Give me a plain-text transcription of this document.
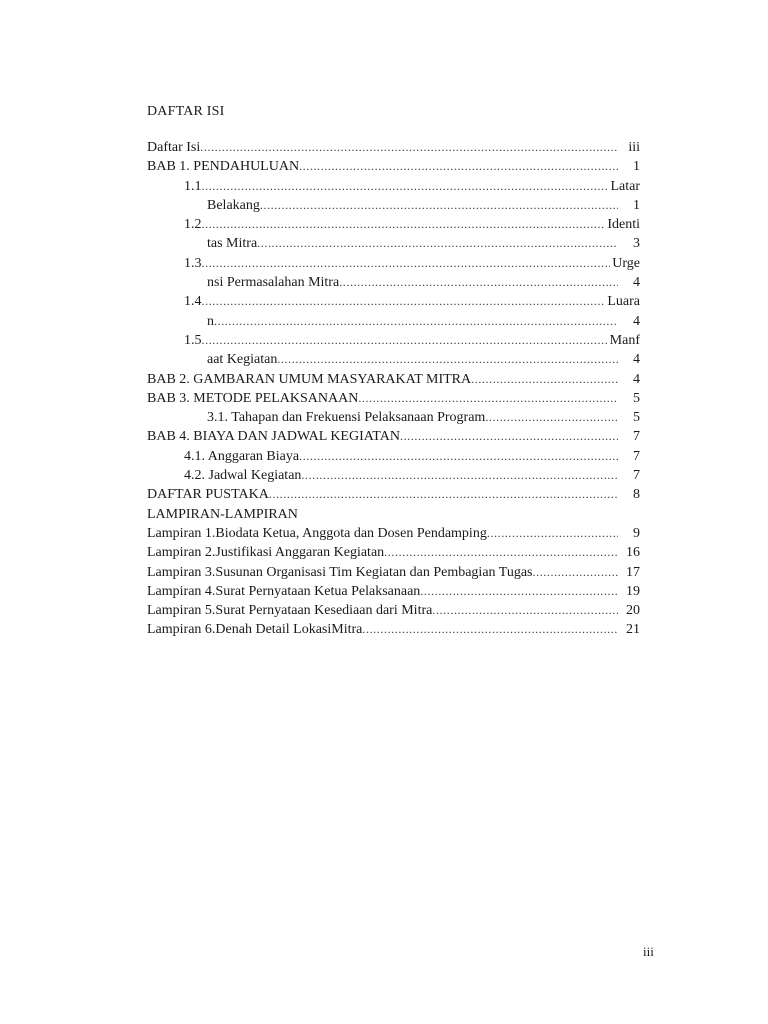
DAFTAR ISI
Daftar Isi .....	iii
BAB 1. PENDAHULUAN .....	1
1.1 .....	Latar
Belakang .....	1
1.2 .....	Identi
tas Mitra .....	3
1.3 .....	Urge
nsi Permasalahan Mitra .....	4
1.4 .....	Luara
n .....	4
1.5 .....	Manf
aat Kegiatan .....	4
BAB 2. GAMBARAN UMUM MASYARAKAT MITRA .....	4
BAB 3. METODE PELAKSANAAN .....	5
3.1. Tahapan dan Frekuensi Pelaksanaan Program .....	5
BAB 4. BIAYA DAN JADWAL KEGIATAN .....	7
4.1. Anggaran Biaya .....	7
4.2. Jadwal Kegiatan .....	7
DAFTAR PUSTAKA .....	8
LAMPIRAN-LAMPIRAN
Lampiran 1.Biodata Ketua, Anggota dan Dosen Pendamping .....	9
Lampiran 2.Justifikasi Anggaran Kegiatan .....	16
Lampiran 3.Susunan Organisasi Tim Kegiatan dan Pembagian Tugas .....	17
Lampiran 4.Surat Pernyataan Ketua Pelaksanaan .....	19
Lampiran 5.Surat Pernyataan Kesediaan dari Mitra .....	20
Lampiran 6.Denah Detail LokasiMitra .....	21
iii
